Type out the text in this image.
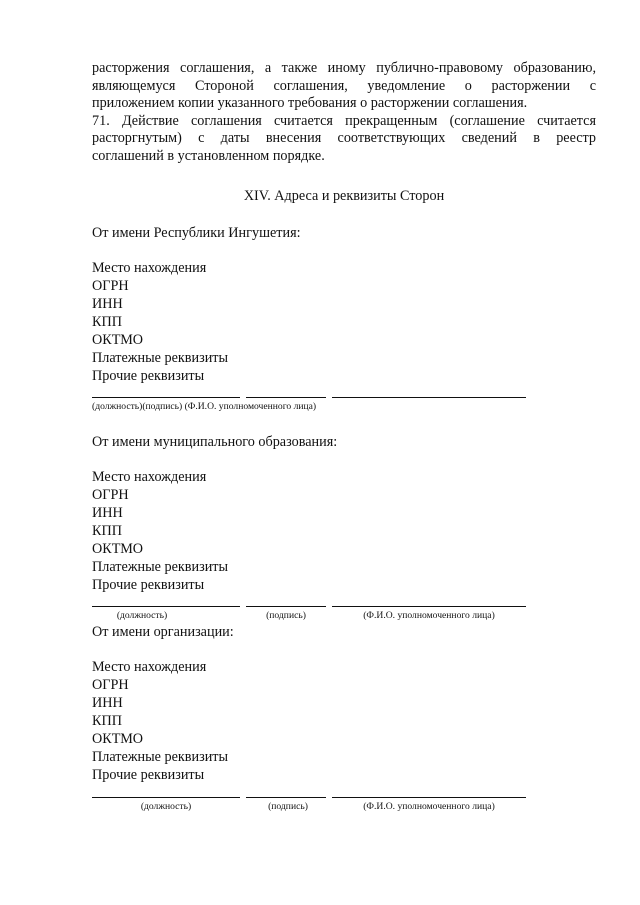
расторжения соглашения, а также иному публично-правовому образованию,
являющемуся Стороной соглашения, уведомление о расторжении с
приложением копии указанного требования о расторжении соглашения.
71. Действие соглашения считается прекращенным (соглашение считается
расторгнутым) с даты внесения соответствующих сведений в реестр
соглашений в установленном порядке.
XIV. Адреса и реквизиты Сторон
От имени Республики Ингушетия:
Место нахождения
ОГРН
ИНН
КПП
ОКТМО
Платежные реквизиты
Прочие реквизиты
(должность)(подпись) (Ф.И.О. уполномоченного лица)
От имени муниципального образования:
Место нахождения
ОГРН
ИНН
КПП
ОКТМО
Платежные реквизиты
Прочие реквизиты
(должность)	(подпись)	(Ф.И.О. уполномоченного лица)
От имени организации:
Место нахождения
ОГРН
ИНН
КПП
ОКТМО
Платежные реквизиты
Прочие реквизиты
(должность)	(подпись)	(Ф.И.О. уполномоченного лица)
